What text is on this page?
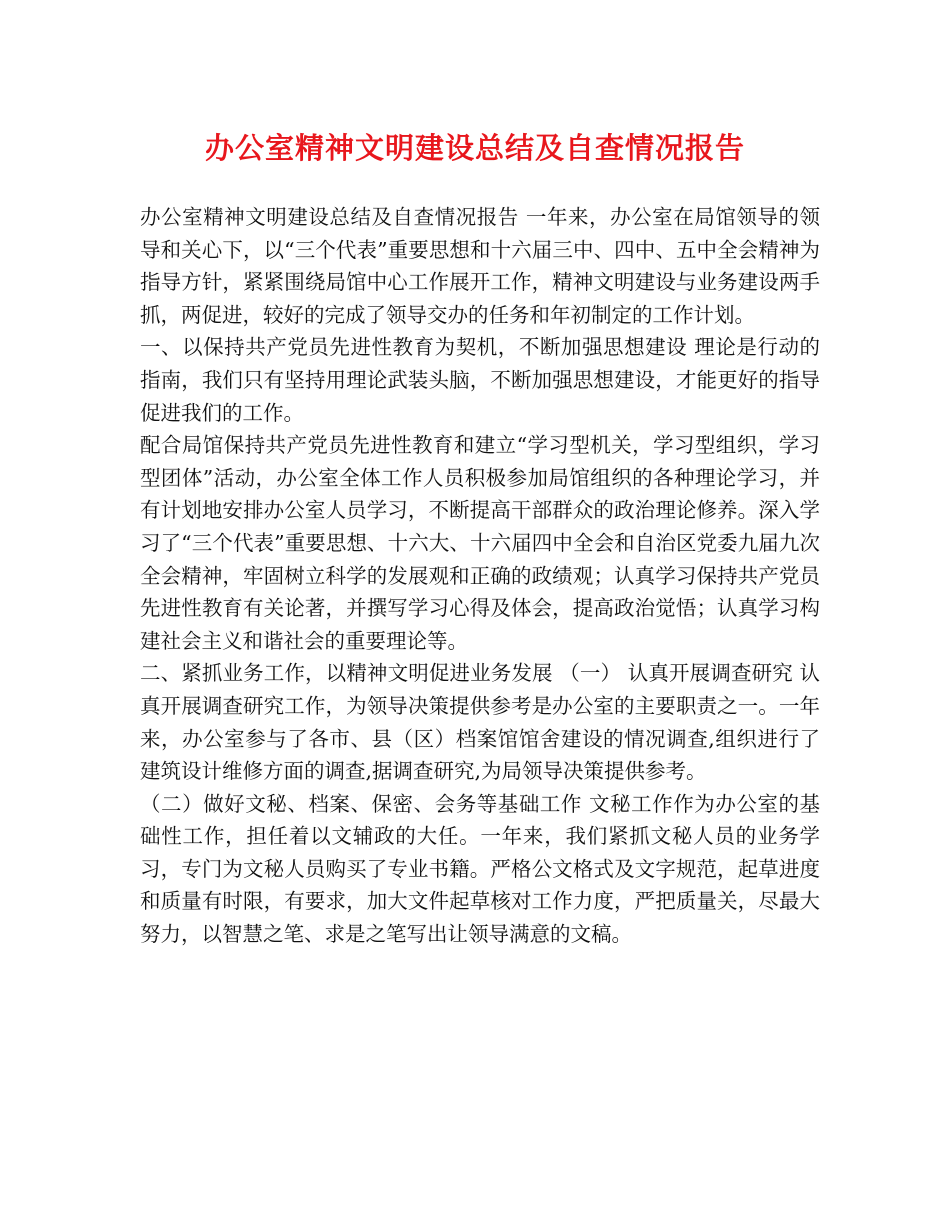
办公室精神文明建设总结及自查情况报告

办公室精神文明建设总结及自查情况报告 一年来，办公室在局馆领导的领导和关心下，以“三个代表”重要思想和十六届三中、四中、五中全会精神为指导方针，紧紧围绕局馆中心工作展开工作，精神文明建设与业务建设两手抓，两促进，较好的完成了领导交办的任务和年初制定的工作计划。

一、以保持共产党员先进性教育为契机，不断加强思想建设 理论是行动的指南，我们只有坚持用理论武装头脑，不断加强思想建设，才能更好的指导促进我们的工作。

配合局馆保持共产党员先进性教育和建立“学习型机关，学习型组织，学习型团体”活动，办公室全体工作人员积极参加局馆组织的各种理论学习，并有计划地安排办公室人员学习，不断提高干部群众的政治理论修养。深入学习了“三个代表”重要思想、十六大、十六届四中全会和自治区党委九届九次全会精神，牢固树立科学的发展观和正确的政绩观；认真学习保持共产党员先进性教育有关论著，并撰写学习心得及体会，提高政治觉悟；认真学习构建社会主义和谐社会的重要理论等。

二、紧抓业务工作，以精神文明促进业务发展 （一） 认真开展调查研究 认真开展调查研究工作，为领导决策提供参考是办公室的主要职责之一。一年来，办公室参与了各市、县（区）档案馆馆舍建设的情况调查,组织进行了建筑设计维修方面的调查,据调查研究,为局领导决策提供参考。

（二）做好文秘、档案、保密、会务等基础工作 文秘工作作为办公室的基础性工作，担任着以文辅政的大任。一年来，我们紧抓文秘人员的业务学习，专门为文秘人员购买了专业书籍。严格公文格式及文字规范，起草进度和质量有时限，有要求，加大文件起草核对工作力度，严把质量关，尽最大努力，以智慧之笔、求是之笔写出让领导满意的文稿。
